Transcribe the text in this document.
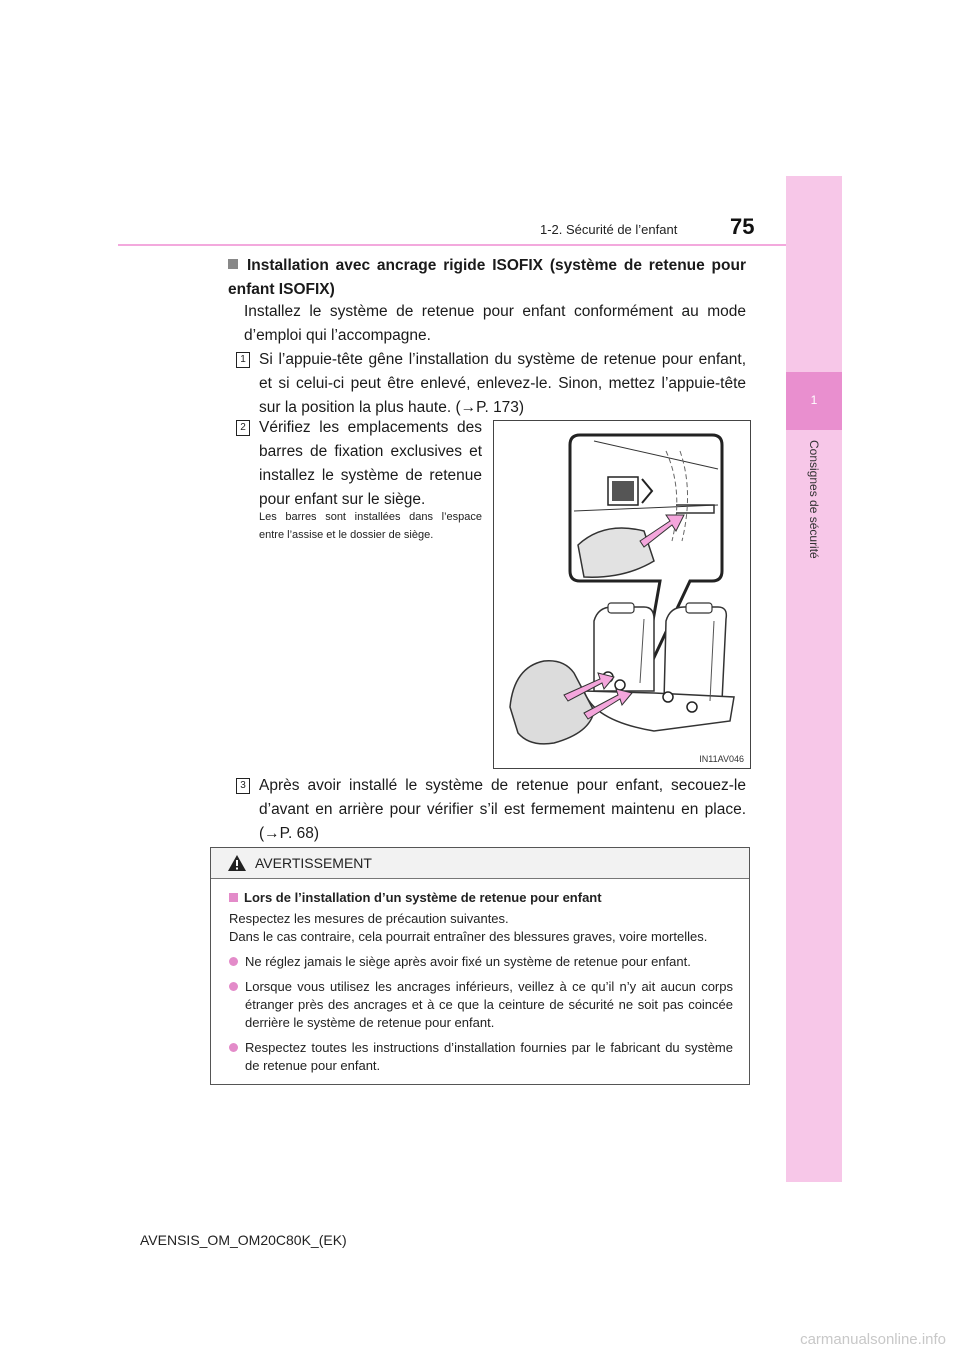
1
Consignes de sécurité
1-2. Sécurité de l’enfant 75
Installation avec ancrage rigide ISOFIX (système de retenue pour enfant ISOFIX)
Installez le système de retenue pour enfant conformément au mode d’emploi qui l’accompagne.
1 Si l’appuie-tête gêne l’installation du système de retenue pour enfant, et si celui-ci peut être enlevé, enlevez-le. Sinon, mettez l’appuie-tête sur la position la plus haute. (→P. 173)
2 Vérifiez les emplacements des barres de fixation exclusives et installez le système de retenue pour enfant sur le siège.
Les barres sont installées dans l’espace entre l’assise et le dossier de siège.
IN11AV046
3 Après avoir installé le système de retenue pour enfant, secouez-le d’avant en arrière pour vérifier s’il est fermement maintenu en place. (→P. 68)
AVERTISSEMENT
Lors de l’installation d’un système de retenue pour enfant
Respectez les mesures de précaution suivantes.
Dans le cas contraire, cela pourrait entraîner des blessures graves, voire mortelles.
Ne réglez jamais le siège après avoir fixé un système de retenue pour enfant.
Lorsque vous utilisez les ancrages inférieurs, veillez à ce qu’il n’y ait aucun corps étranger près des ancrages et à ce que la ceinture de sécurité ne soit pas coincée derrière le système de retenue pour enfant.
Respectez toutes les instructions d’installation fournies par le fabricant du système de retenue pour enfant.
AVENSIS_OM_OM20C80K_(EK)
carmanualsonline.info
